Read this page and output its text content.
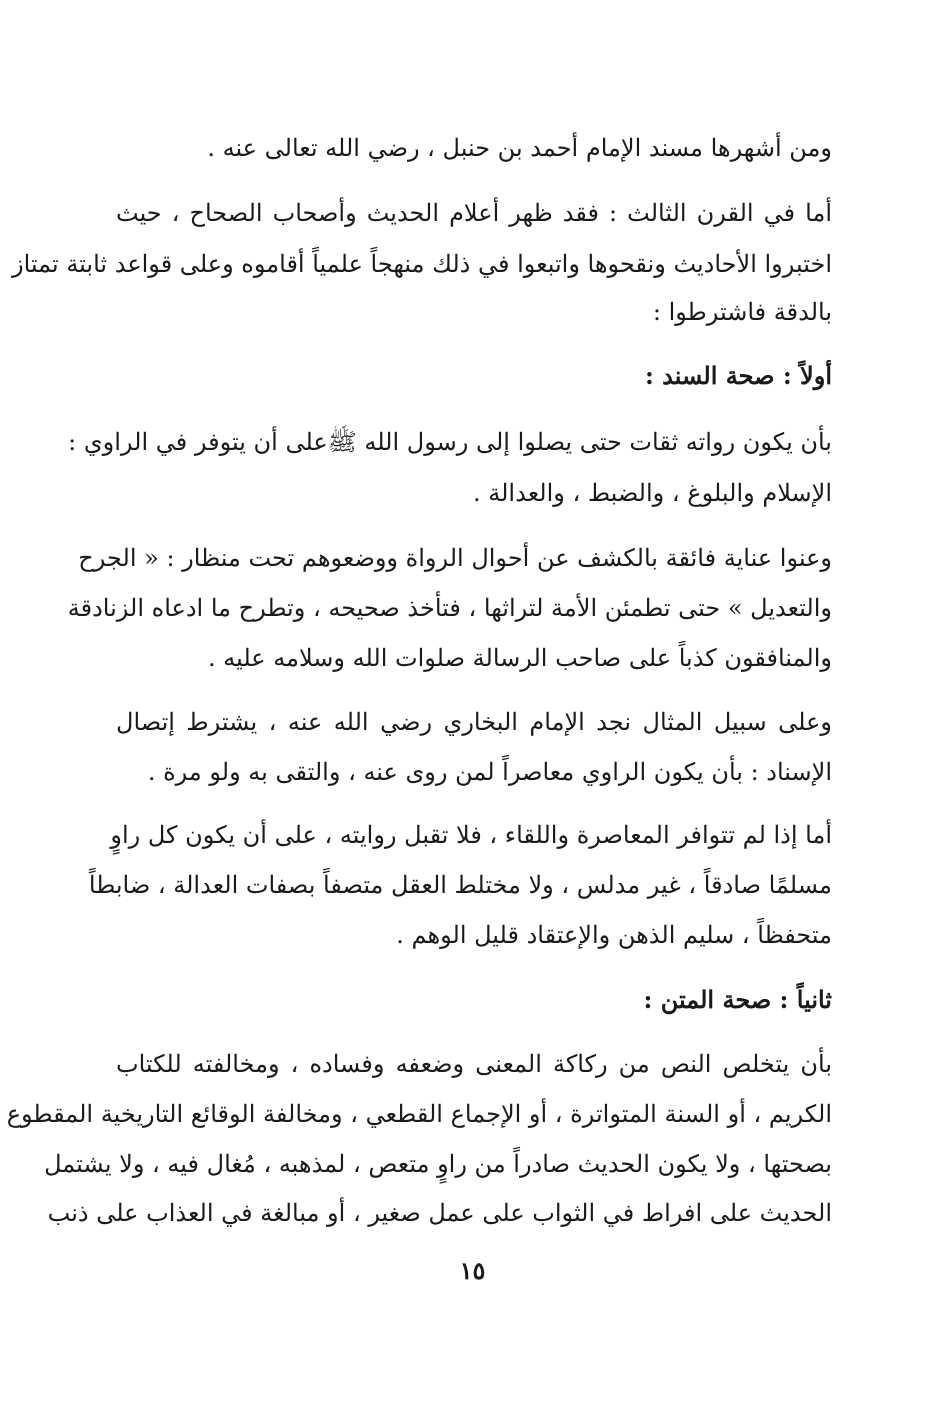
ومن أشهرها مسند الإمام أحمد بن حنبل ، رضي الله تعالى عنه .
أما في القرن الثالث : فقد ظهر أعلام الحديث وأصحاب الصحاح ، حيث
اختبروا الأحاديث ونقحوها واتبعوا في ذلك منهجاً علمياً أقاموه وعلى قواعد ثابتة تمتاز
بالدقة فاشترطوا :
أولاً : صحة السند :
بأن يكون رواته ثقات حتى يصلوا إلى رسول الله ﷺعلى أن يتوفر في الراوي :
الإسلام والبلوغ ، والضبط ، والعدالة .
وعنوا عناية فائقة بالكشف عن أحوال الرواة ووضعوهم تحت منظار : « الجرح
والتعديل » حتى تطمئن الأمة لتراثها ، فتأخذ صحيحه ، وتطرح ما ادعاه الزنادقة
والمنافقون كذباً على صاحب الرسالة صلوات الله وسلامه عليه .
وعلى سبيل المثال نجد الإمام البخاري رضي الله عنه ، يشترط إتصال
الإسناد : بأن يكون الراوي معاصراً لمن روى عنه ، والتقى به ولو مرة .
أما إذا لم تتوافر المعاصرة واللقاء ، فلا تقبل روايته ، على أن يكون كل راوٍ
مسلمًا صادقاً ، غير مدلس ، ولا مختلط العقل متصفاً بصفات العدالة ، ضابطاً
متحفظاً ، سليم الذهن والإعتقاد قليل الوهم .
ثانياً : صحة المتن :
بأن يتخلص النص من ركاكة المعنى وضعفه وفساده ، ومخالفته للكتاب
الكريم ، أو السنة المتواترة ، أو الإجماع القطعي ، ومخالفة الوقائع التاريخية المقطوع
بصحتها ، ولا يكون الحديث صادراً من راوٍ متعص ، لمذهبه ، مُغال فيه ، ولا يشتمل
الحديث على افراط في الثواب على عمل صغير ، أو مبالغة في العذاب على ذنب
١٥
